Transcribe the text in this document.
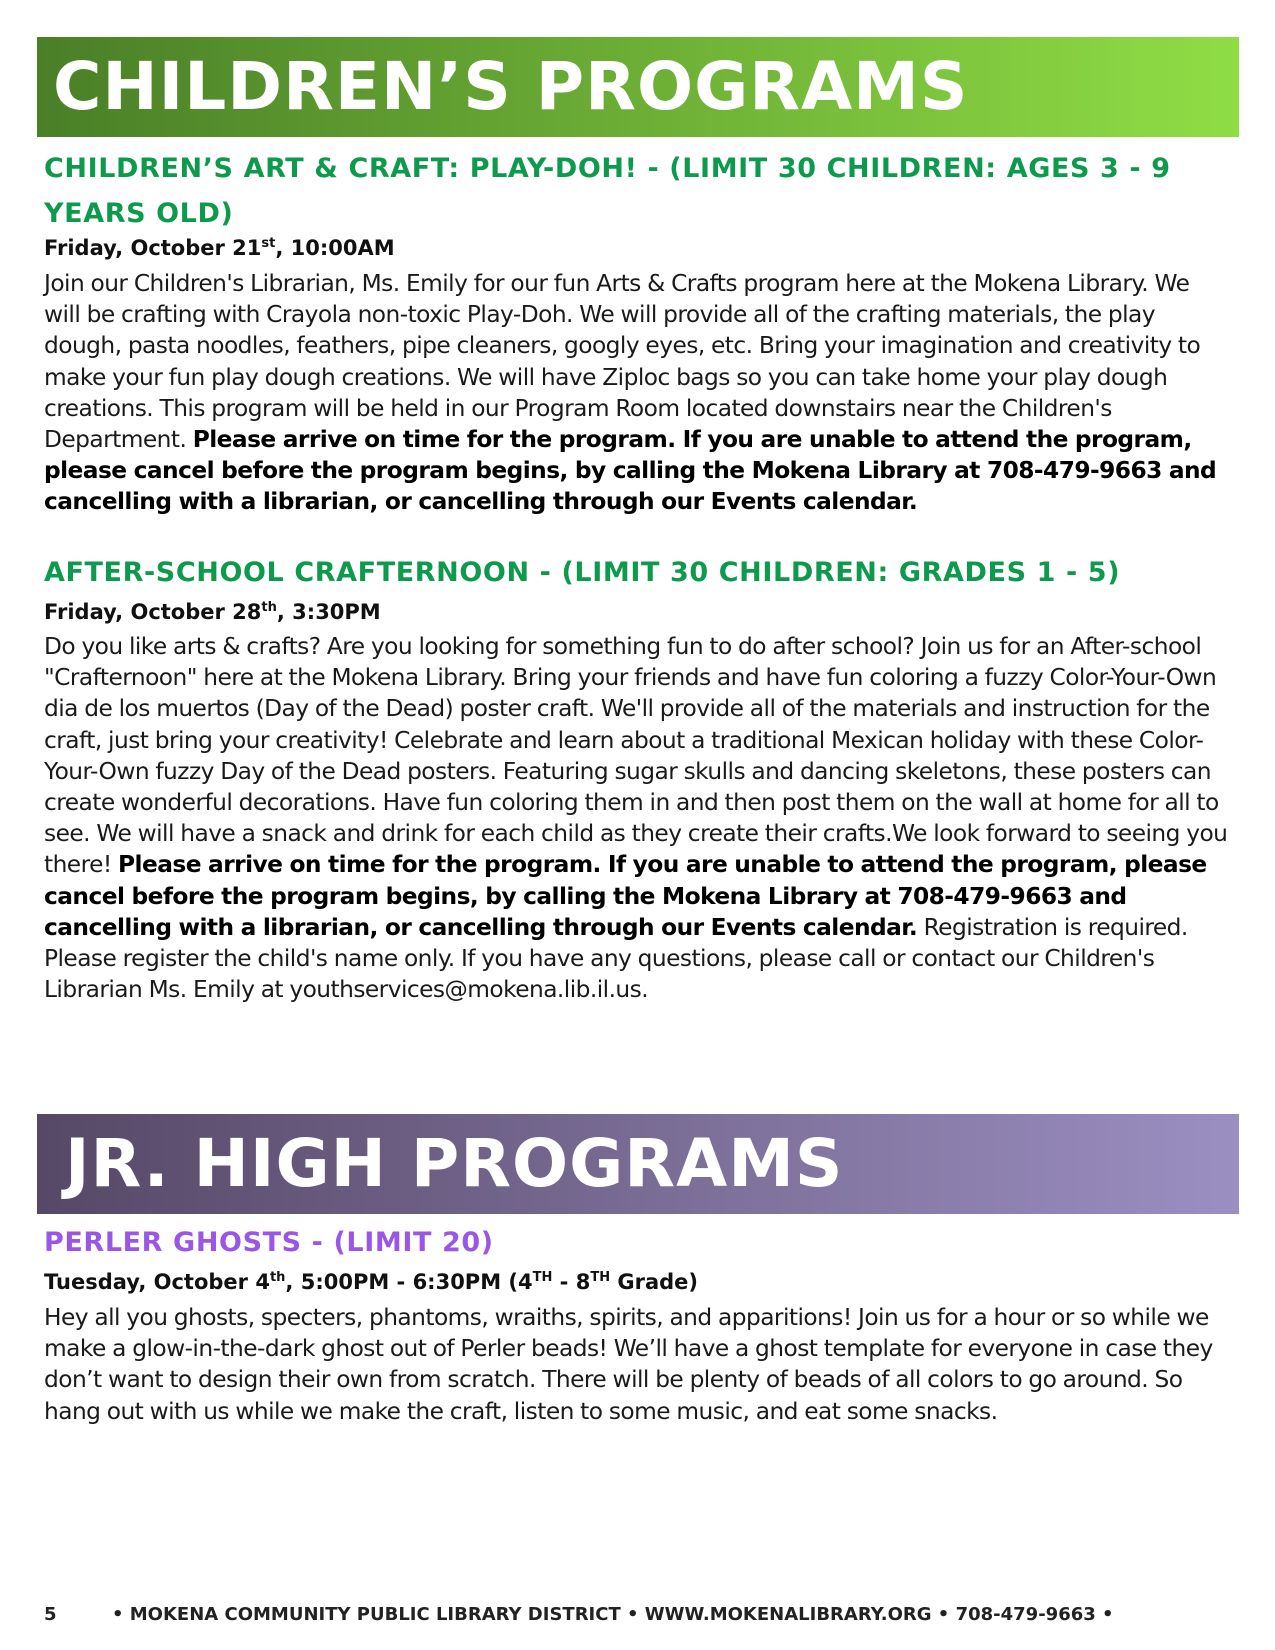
CHILDREN’S PROGRAMS
CHILDREN’S ART & CRAFT: PLAY-DOH! - (LIMIT 30 CHILDREN: AGES 3 - 9 YEARS OLD)
Friday, October 21st, 10:00AM
Join our Children's Librarian, Ms. Emily for our fun Arts & Crafts program here at the Mokena Library. We will be crafting with Crayola non-toxic Play-Doh. We will provide all of the crafting materials, the play dough, pasta noodles, feathers, pipe cleaners, googly eyes, etc. Bring your imagination and creativity to make your fun play dough creations. We will have Ziploc bags so you can take home your play dough creations. This program will be held in our Program Room located downstairs near the Children's Department. Please arrive on time for the program. If you are unable to attend the program, please cancel before the program begins, by calling the Mokena Library at 708-479-9663 and cancelling with a librarian, or cancelling through our Events calendar.
AFTER-SCHOOL CRAFTERNOON - (LIMIT 30 CHILDREN: GRADES 1 - 5)
Friday, October 28th, 3:30PM
Do you like arts & crafts? Are you looking for something fun to do after school? Join us for an After-school "Crafternoon" here at the Mokena Library. Bring your friends and have fun coloring a fuzzy Color-Your-Own dia de los muertos (Day of the Dead) poster craft. We'll provide all of the materials and instruction for the craft, just bring your creativity! Celebrate and learn about a traditional Mexican holiday with these Color-Your-Own fuzzy Day of the Dead posters. Featuring sugar skulls and dancing skeletons, these posters can create wonderful decorations. Have fun coloring them in and then post them on the wall at home for all to see. We will have a snack and drink for each child as they create their crafts.We look forward to seeing you there! Please arrive on time for the program. If you are unable to attend the program, please cancel before the program begins, by calling the Mokena Library at 708-479-9663 and cancelling with a librarian, or cancelling through our Events calendar. Registration is required. Please register the child's name only. If you have any questions, please call or contact our Children's Librarian Ms. Emily at youthservices@mokena.lib.il.us.
JR. HIGH PROGRAMS
PERLER GHOSTS - (LIMIT 20)
Tuesday, October 4th, 5:00PM - 6:30PM (4TH - 8TH Grade)
Hey all you ghosts, specters, phantoms, wraiths, spirits, and apparitions! Join us for a hour or so while we make a glow-in-the-dark ghost out of Perler beads! We’ll have a ghost template for everyone in case they don’t want to design their own from scratch. There will be plenty of beads of all colors to go around. So hang out with us while we make the craft, listen to some music, and eat some snacks.
5	• MOKENA COMMUNITY PUBLIC LIBRARY DISTRICT • WWW.MOKENALIBRARY.ORG • 708-479-9663 •
